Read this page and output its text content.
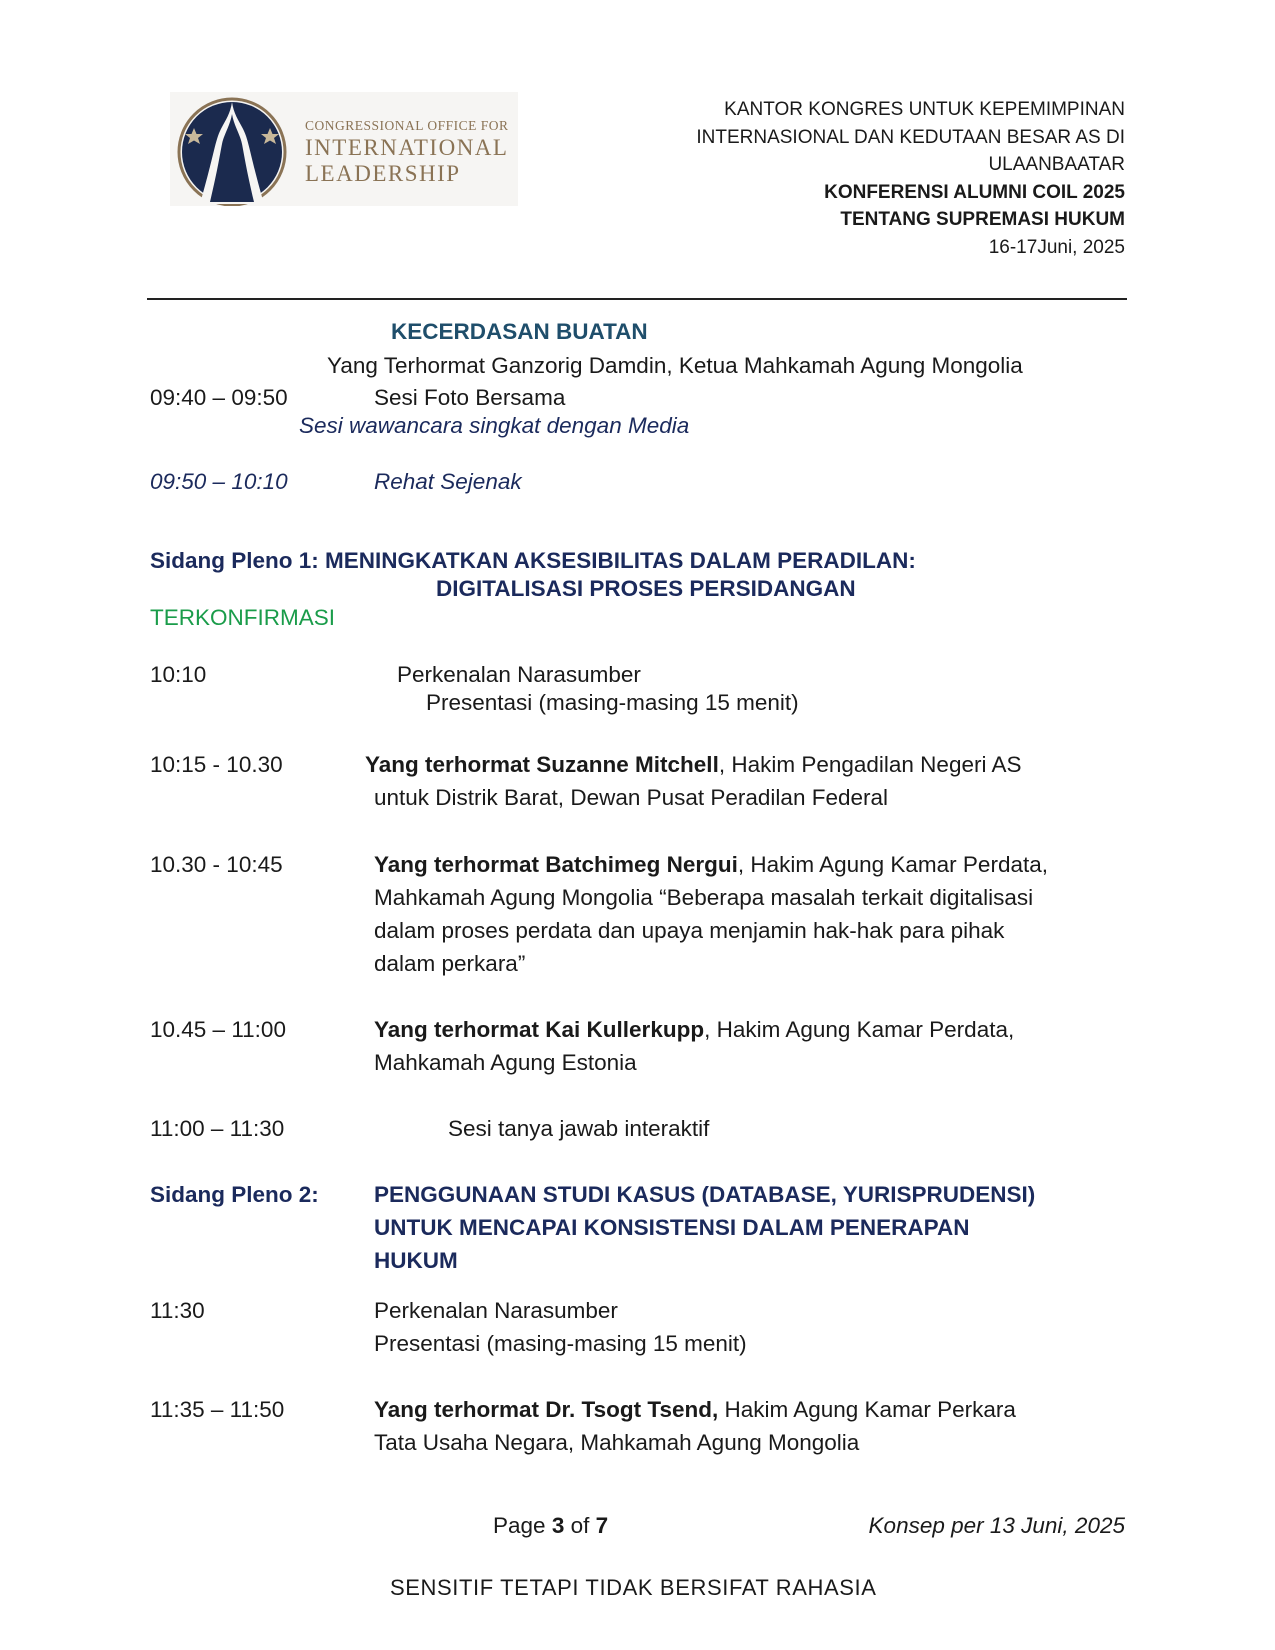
CONGRESSIONAL OFFICE FOR
INTERNATIONAL
LEADERSHIP
KANTOR KONGRES UNTUK KEPEMIMPINAN
INTERNASIONAL DAN KEDUTAAN BESAR AS DI
ULAANBAATAR
KONFERENSI ALUMNI COIL 2025
TENTANG SUPREMASI HUKUM
16-17Juni, 2025
KECERDASAN BUATAN
Yang Terhormat Ganzorig Damdin, Ketua Mahkamah Agung Mongolia
09:40 – 09:50	Sesi Foto Bersama
Sesi wawancara singkat dengan Media
09:50 – 10:10	Rehat Sejenak
Sidang Pleno 1: MENINGKATKAN AKSESIBILITAS DALAM PERADILAN:
DIGITALISASI PROSES PERSIDANGAN
TERKONFIRMASI
10:10	Perkenalan Narasumber
Presentasi (masing-masing 15 menit)
10:15 - 10.30	Yang terhormat Suzanne Mitchell, Hakim Pengadilan Negeri AS
untuk Distrik Barat, Dewan Pusat Peradilan Federal
10.30 - 10:45	Yang terhormat Batchimeg Nergui, Hakim Agung Kamar Perdata,
Mahkamah Agung Mongolia “Beberapa masalah terkait digitalisasi
dalam proses perdata dan upaya menjamin hak-hak para pihak
dalam perkara”
10.45 – 11:00	Yang terhormat Kai Kullerkupp, Hakim Agung Kamar Perdata,
Mahkamah Agung Estonia
11:00 – 11:30	Sesi tanya jawab interaktif
Sidang Pleno 2: PENGGUNAAN STUDI KASUS (DATABASE, YURISPRUDENSI)
UNTUK MENCAPAI KONSISTENSI DALAM PENERAPAN
HUKUM
11:30	Perkenalan Narasumber
Presentasi (masing-masing 15 menit)
11:35 – 11:50	Yang terhormat Dr. Tsogt Tsend, Hakim Agung Kamar Perkara
Tata Usaha Negara, Mahkamah Agung Mongolia
Page 3 of 7	Konsep per 13 Juni, 2025
SENSITIF TETAPI TIDAK BERSIFAT RAHASIA
